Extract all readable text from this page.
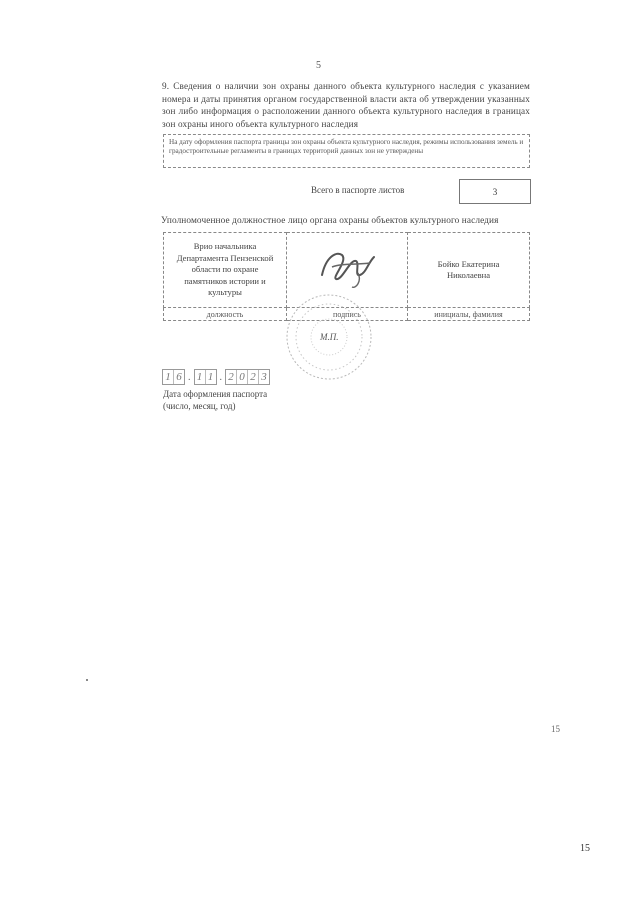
5
9. Сведения о наличии зон охраны данного объекта культурного наследия с указанием номера и даты принятия органом государственной власти акта об утверждении указанных зон либо информация о расположении данного объекта культурного наследия в границах зон охраны иного объекта культурного наследия
На дату оформления паспорта границы зон охраны объекта культурного наследия, режимы использования земель и градостроительные регламенты в границах территорий данных зон не утверждены
Всего в паспорте листов	3
Уполномоченное должностное лицо органа охраны объектов культурного наследия
Врио начальника Департамента Пензенской области по охране памятников истории и культуры		Бойко Екатерина Николаевна

должность	подпись	инициалы, фамилия
М.П.
1 6 . 1 1 . 2 0 2 3
Дата оформления паспорта
(число, месяц, год)
15
15
